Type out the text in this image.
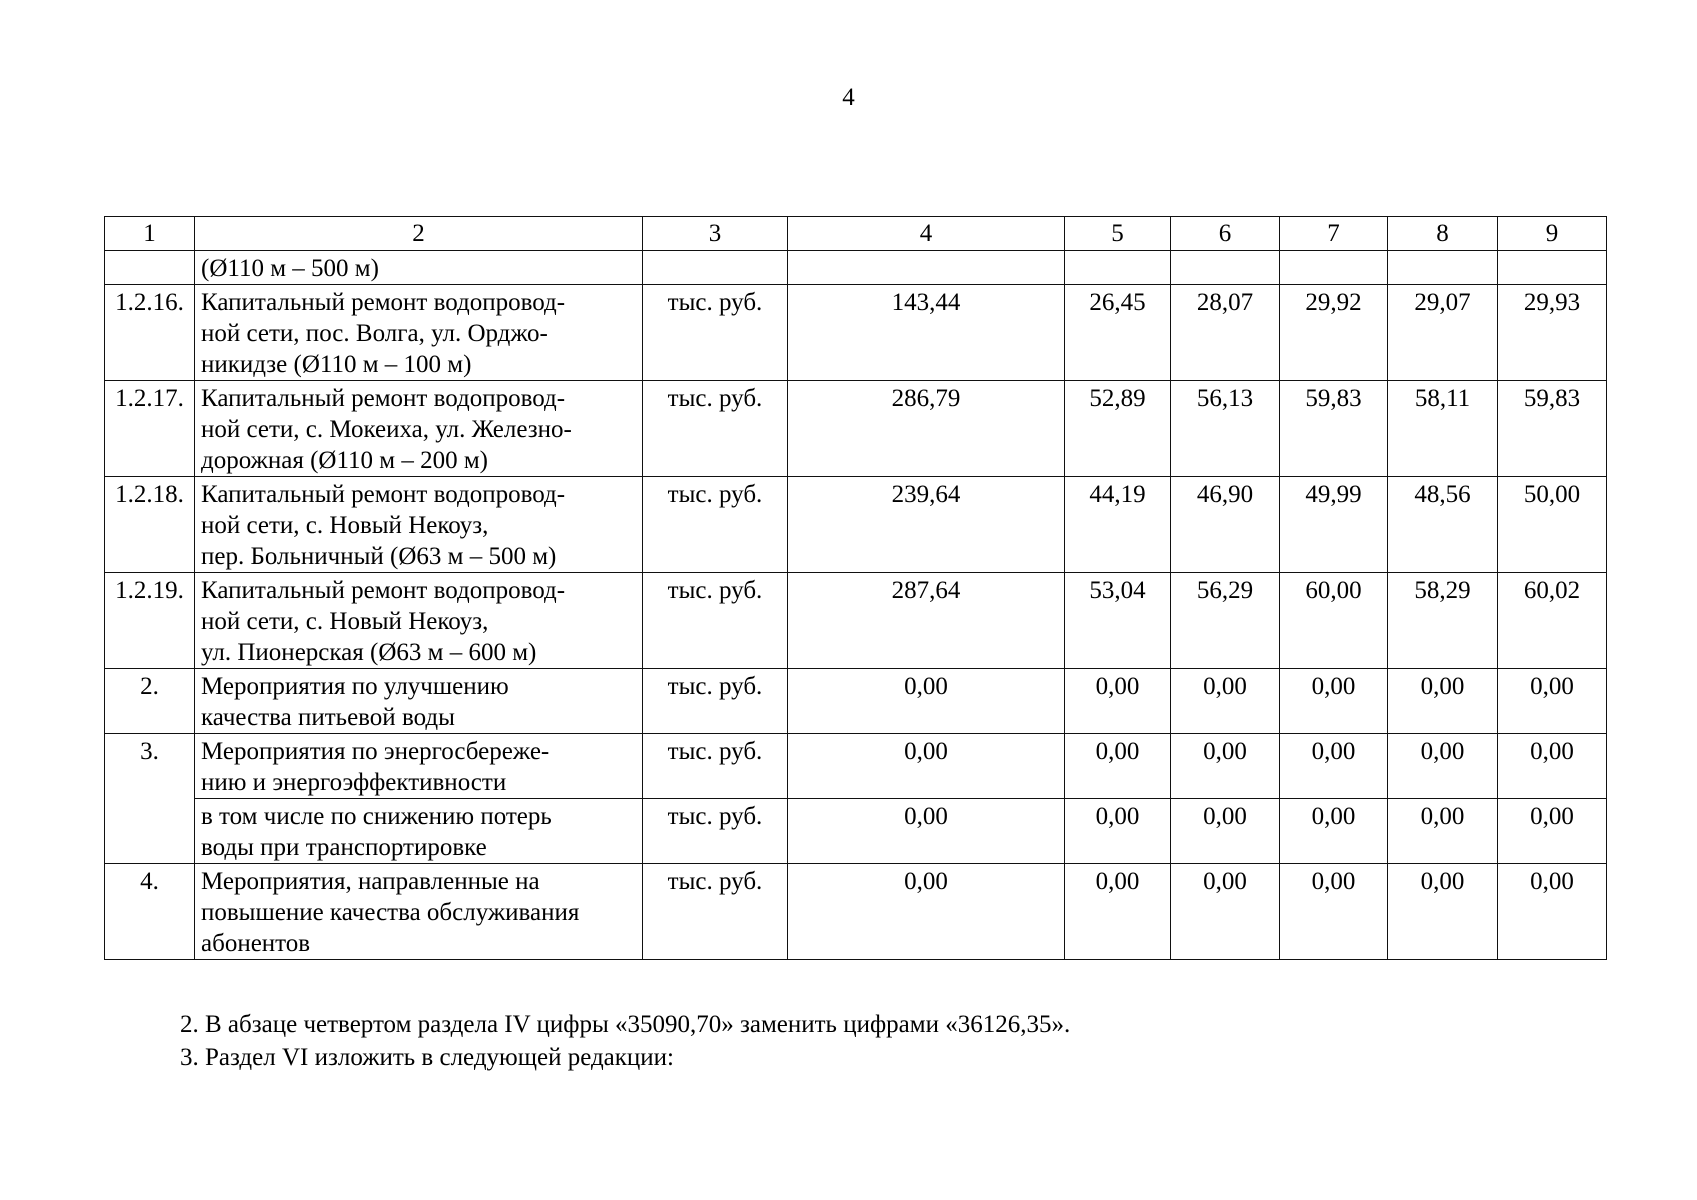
4
1	2	3	4	5	6	7	8	9

	(Ø110 м – 500 м)							

1.2.16.	Капитальный ремонт водопровод-
ной сети, пос. Волга, ул. Орджо-
никидзе (Ø110 м – 100 м)	тыс. руб.	143,44	26,45	28,07	29,92	29,07	29,93
1.2.17.	Капитальный ремонт водопровод-
ной сети, с. Мокеиха, ул. Железно-
дорожная (Ø110 м – 200 м)	тыс. руб.	286,79	52,89	56,13	59,83	58,11	59,83
1.2.18.	Капитальный ремонт водопровод-
ной сети, с. Новый Некоуз,
пер. Больничный (Ø63 м – 500 м)	тыс. руб.	239,64	44,19	46,90	49,99	48,56	50,00
1.2.19.	Капитальный ремонт водопровод-
ной сети, с. Новый Некоуз,
ул. Пионерская (Ø63 м – 600 м)	тыс. руб.	287,64	53,04	56,29	60,00	58,29	60,02
2.	Мероприятия по улучшению
качества питьевой воды	тыс. руб.	0,00	0,00	0,00	0,00	0,00	0,00
3.	Мероприятия по энергосбереже-
нию и энергоэффективности	тыс. руб.	0,00	0,00	0,00	0,00	0,00	0,00

	в том числе по снижению потерь
воды при транспортировке	тыс. руб.	0,00	0,00	0,00	0,00	0,00	0,00
4.	Мероприятия, направленные на
повышение качества обслуживания
абонентов	тыс. руб.	0,00	0,00	0,00	0,00	0,00	0,00

2. В абзаце четвертом раздела IV цифры «35090,70» заменить цифрами «36126,35».

3. Раздел VI изложить в следующей редакции:
